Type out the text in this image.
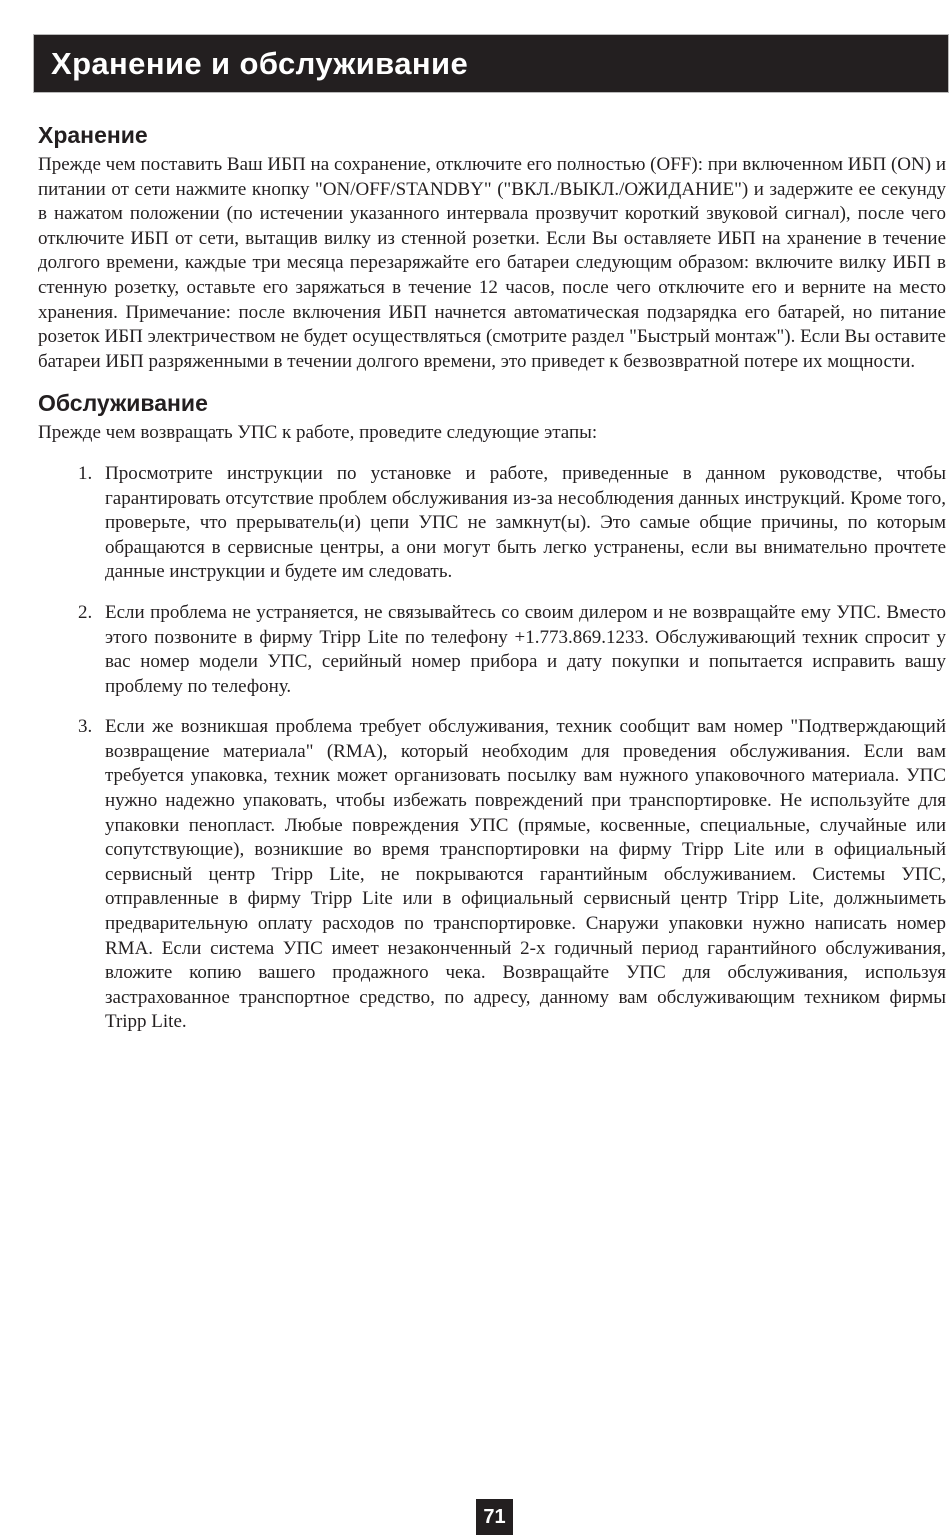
Хранение и обслуживание
Хранение

Прежде чем поставить Ваш ИБП на сохранение, отключите его полностью (OFF): при включенном ИБП (ON) и питании от сети нажмите кнопку "ON/OFF/STANDBY" ("ВКЛ./ВЫКЛ./ОЖИДАНИЕ") и задержите ее секунду в нажатом положении (по истечении указанного интервала прозвучит короткий звуковой сигнал), после чего отключите ИБП от сети, вытащив вилку из стенной розетки. Если Вы оставляете ИБП на хранение в течение долгого времени, каждые три месяца перезаряжайте его батареи следующим образом: включите вилку ИБП в стенную розетку, оставьте его заряжаться в течение 12 часов, после чего отключите его и верните на место хранения. Примечание: после включения ИБП начнется автоматическая подзарядка его батарей, но питание розеток ИБП электричеством не будет осуществляться (смотрите раздел "Быстрый монтаж"). Если Вы оставите батареи ИБП разряженными в течении долгого времени, это приведет к безвозвратной потере их мощности.

Обслуживание

Прежде чем возвращать УПС к работе, проведите следующие этапы:

1. Просмотрите инструкции по установке и работе, приведенные в данном руководстве, чтобы гарантировать отсутствие проблем обслуживания из-за несоблюдения данных инструкций. Кроме того, проверьте, что прерыватель(и) цепи УПС не замкнут(ы). Это самые общие причины, по которым обращаются в сервисные центры, а они могут быть легко устранены, если вы внимательно прочтете данные инструкции и будете им следовать.
2. Если проблема не устраняется, не связывайтесь со своим дилером и не возвращайте ему УПС. Вместо этого позвоните в фирму Tripp Lite по телефону +1.773.869.1233. Обслуживающий техник спросит у вас номер модели УПС, серийный номер прибора и дату покупки и попытается исправить вашу проблему по телефону.
3. Если же возникшая проблема требует обслуживания, техник сообщит вам номер "Подтверждающий возвращение материала" (RMA), который необходим для проведения обслуживания. Если вам требуется упаковка, техник может организовать посылку вам нужного упаковочного материала. УПС нужно надежно упаковать, чтобы избежать повреждений при транспортировке. Не используйте для упаковки пенопласт. Любые повреждения УПС (прямые, косвенные, специальные, случайные или сопутствующие), возникшие во время транспортировки на фирму Tripp Lite или в официальный сервисный центр Tripp Lite, не покрываются гарантийным обслуживанием. Системы УПС, отправленные в фирму Tripp Lite или в официальный сервисный центр Tripp Lite, должныиметь предварительную оплату расходов по транспортировке. Снаружи упаковки нужно написать номер RMA. Если система УПС имеет незаконченный 2-х годичный период гарантийного обслуживания, вложите копию вашего продажного чека. Возвращайте УПС для обслуживания, используя застрахованное транспортное средство, по адресу, данному вам обслуживающим техником фирмы Tripp Lite.
71
